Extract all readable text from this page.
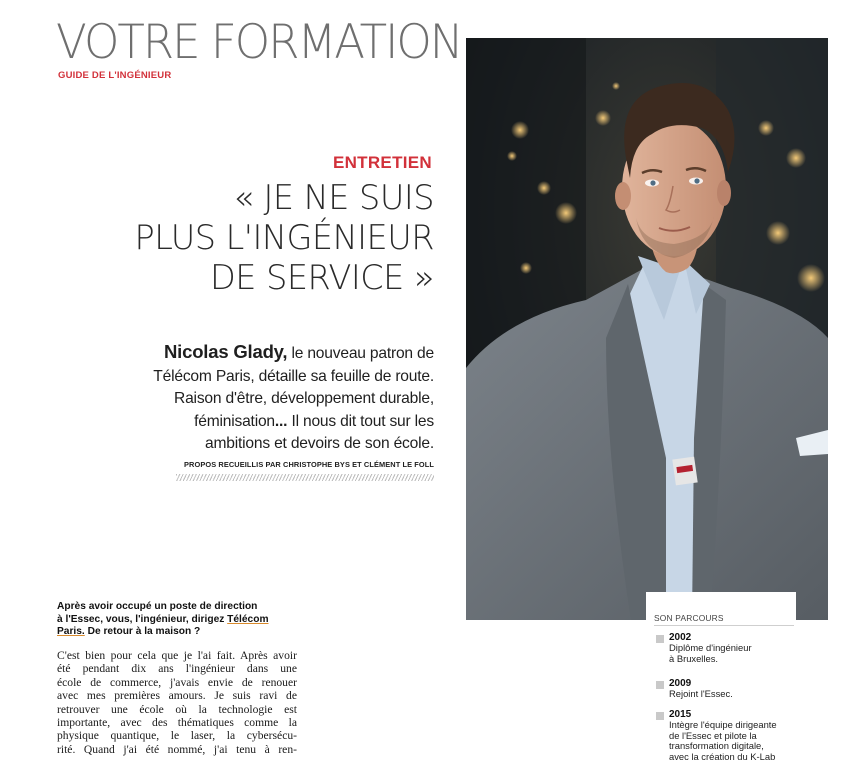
VOTRE FORMATION
GUIDE DE L'INGÉNIEUR
ENTRETIEN
« JE NE SUIS
PLUS L'INGÉNIEUR
DE SERVICE »
Nicolas Glady, le nouveau patron de
Télécom Paris, détaille sa feuille de route.
Raison d'être, développement durable,
féminisation... Il nous dit tout sur les
ambitions et devoirs de son école.
PROPOS RECUEILLIS PAR CHRISTOPHE BYS ET CLÉMENT LE FOLL
Après avoir occupé un poste de direction
à l'Essec, vous, l'ingénieur, dirigez Télécom
Paris. De retour à la maison ?
C'est bien pour cela que je l'ai fait. Après avoir
été pendant dix ans l'ingénieur dans une
école de commerce, j'avais envie de renouer
avec mes premières amours. Je suis ravi de
retrouver une école où la technologie est
importante, avec des thématiques comme la
physique quantique, le laser, la cybersécu-
rité. Quand j'ai été nommé, j'ai tenu à ren-
SON PARCOURS
2002
Diplôme d'ingénieur
à Bruxelles.
2009
Rejoint l'Essec.
2015
Intègre l'équipe dirigeante
de l'Essec et pilote la
transformation digitale,
avec la création du K-Lab
